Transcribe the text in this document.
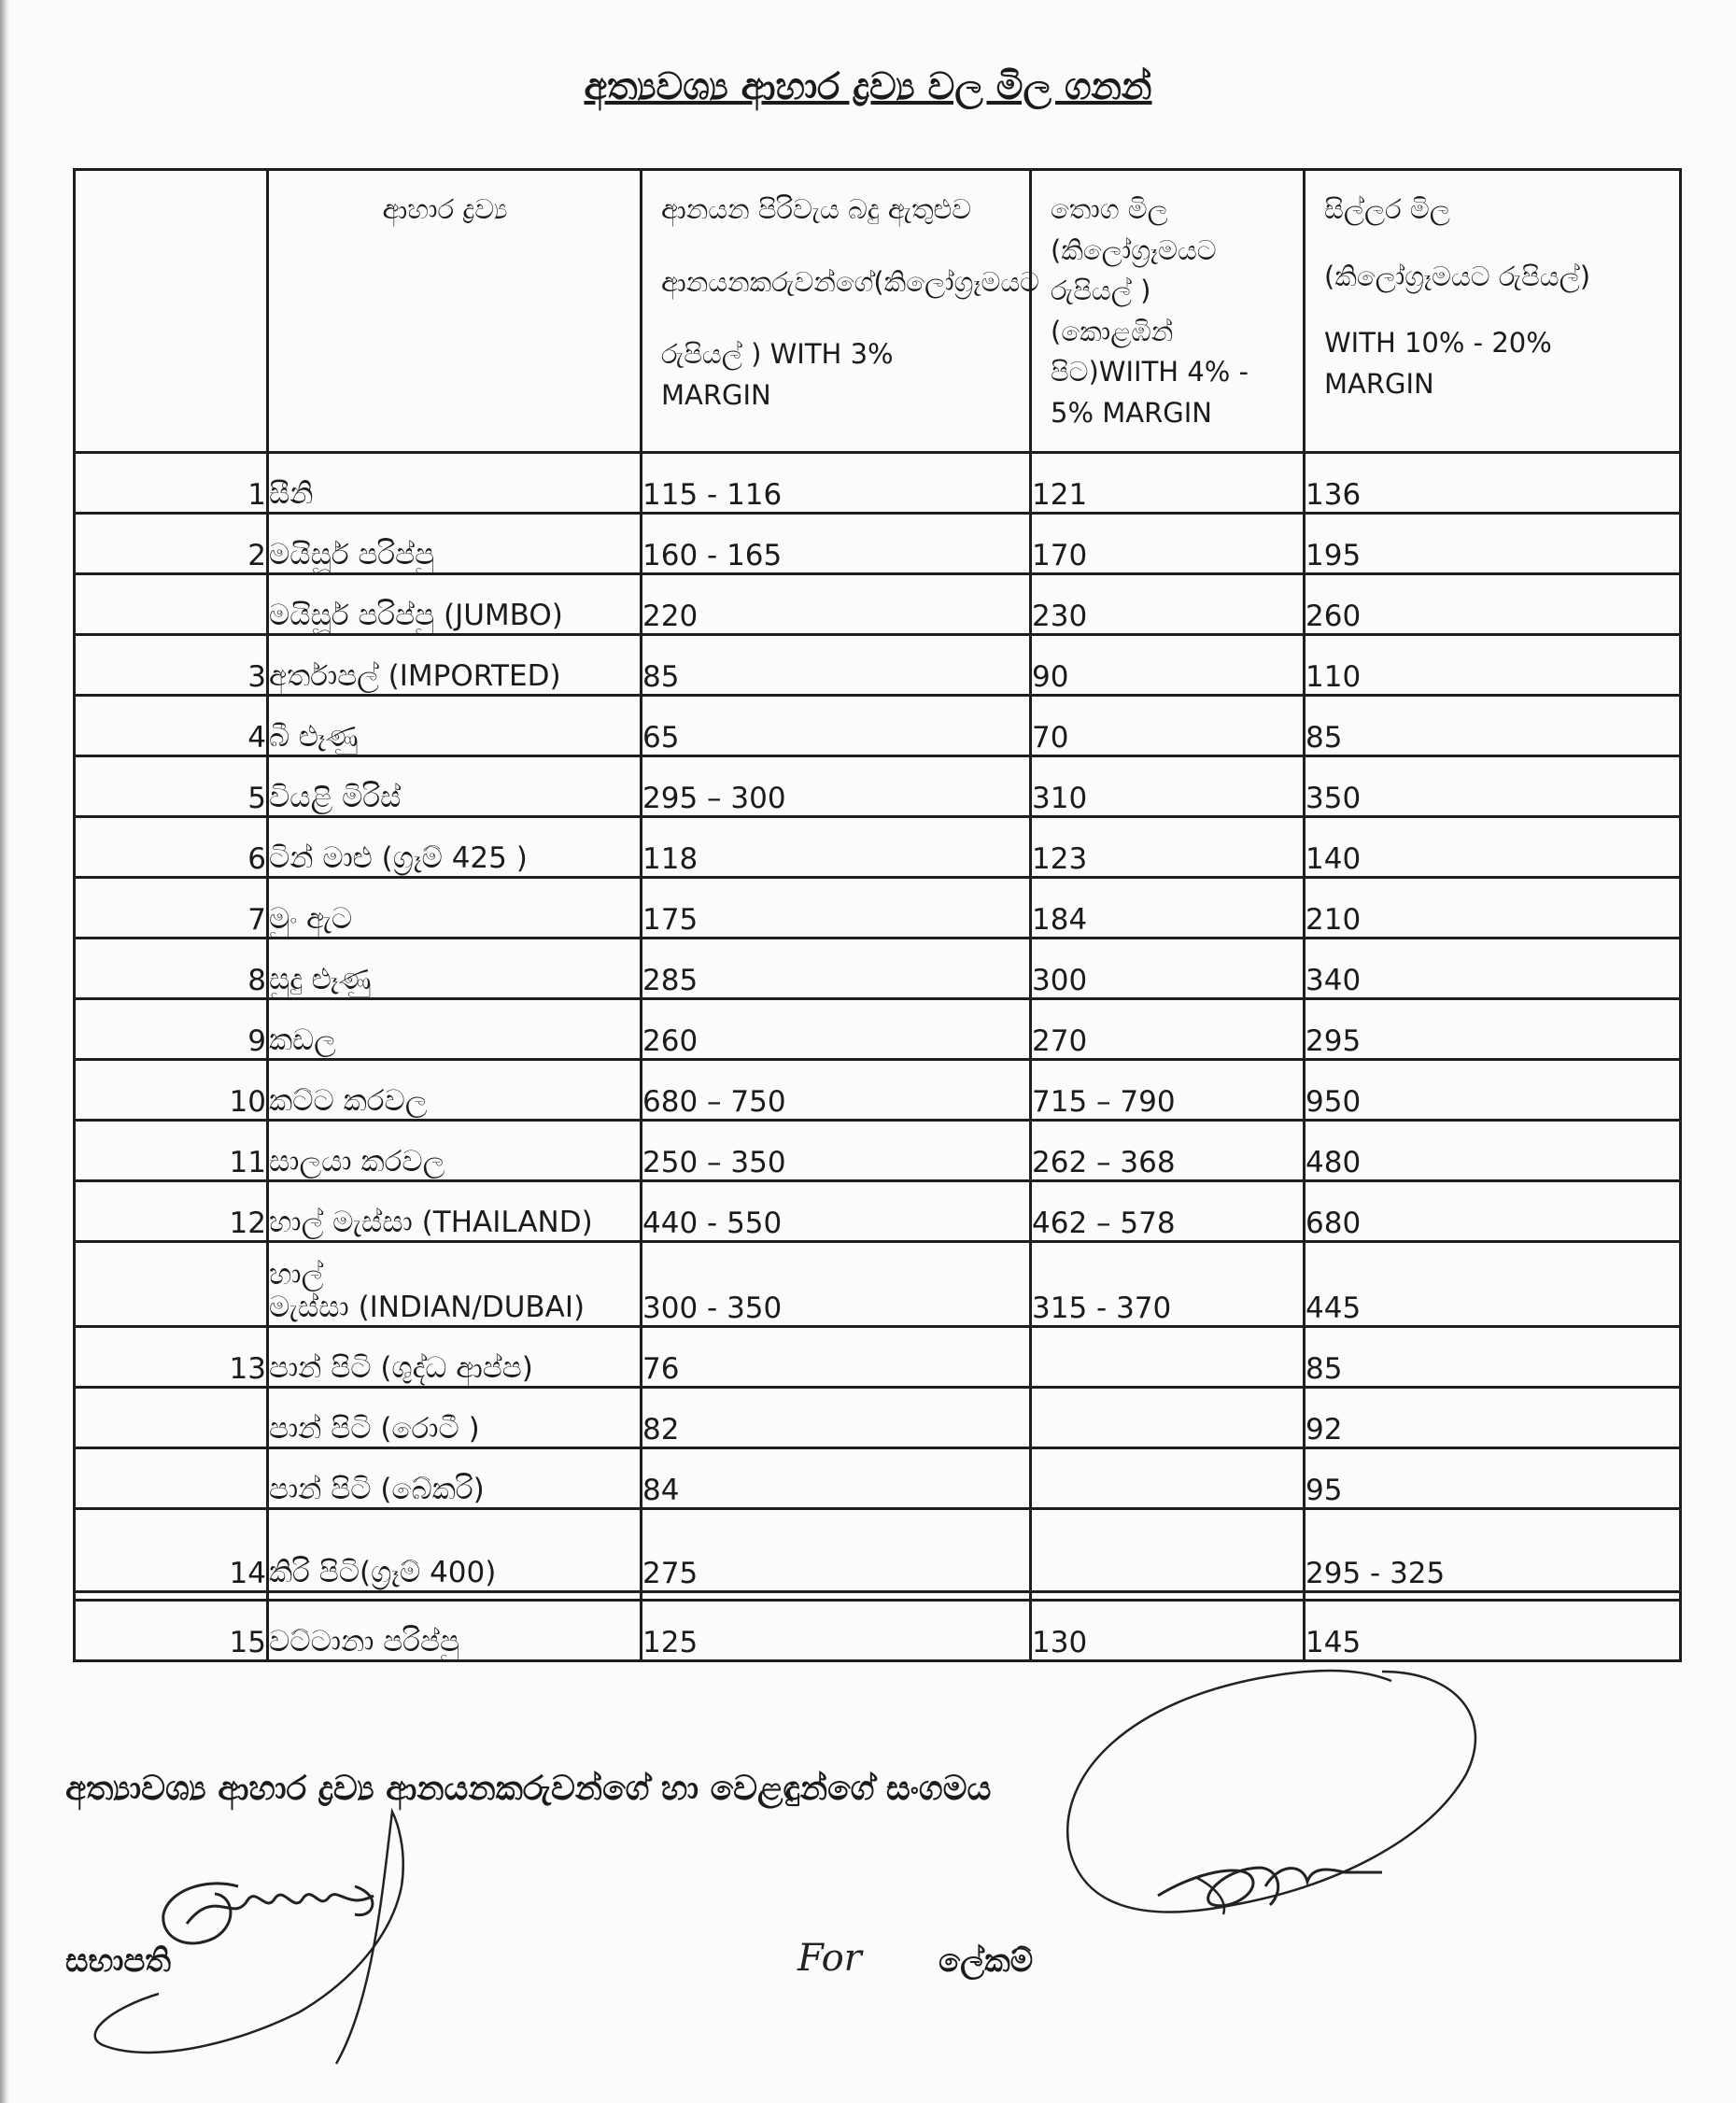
අත්‍යවශ්‍ය ආහාර ද්‍රව්‍ය වල මිල ගනන්

	ආහාර ද්‍රව්‍ය	ආනයන පිරිවැය බදු ඇතුළුව
ආනයනකරුවන්ගේ(කිලෝග්‍රෑමයට
රුපියල් ) WITH 3% MARGIN	තොග මිල
(කිලෝග්‍රෑමයට
රුපියල් )
(කොළඹින්
පිට)WIITH 4% - 5% MARGIN	සිල්ලර මිල
(කිලෝග්‍රෑමයට රුපියල්)
WITH 10% - 20% MARGIN

1	සීනි	115 - 116	121	136
2	මයිසූර් පරිප්පු	160 - 165	170	195
	මයිසූර් පරිප්පු (JUMBO)	220	230	260
3	අර්තාපල් (IMPORTED)	85	90	110
4	බී ළූණු	65	70	85
5	වියළි මිරිස්	295 – 300	310	350
6	ටින් මාළු (ග්‍රෑම් 425 )	118	123	140
7	මුං ඇට	175	184	210
8	සුදු ළූණු	285	300	340
9	කඩල	260	270	295
10	කට්ට කරවල	680 – 750	715 – 790	950
11	සාලයා කරවල	250 – 350	262 – 368	480
12	හාල් මැස්සා (THAILAND)	440 - 550	462 – 578	680
	හාල්
මැස්සා (INDIAN/DUBAI)	300 - 350	315 - 370	445
13	පාන් පිටි (ශුද්ධ ආප්ප)	76		85
	පාන් පිටි (රොටී )	82		92
	පාන් පිටි (බේකරි)	84		95
14	කිරි පිටි(ග්‍රෑම් 400)	275		295 - 325

15	වට්ටානා පරිප්පු	125	130	145
අත්‍යාවශ්‍ය ආහාර ද්‍රව්‍ය ආනයනකරුවන්ගේ හා වෙළඳුන්ගේ සංගමය
සභාපති	ලේකම්
For
